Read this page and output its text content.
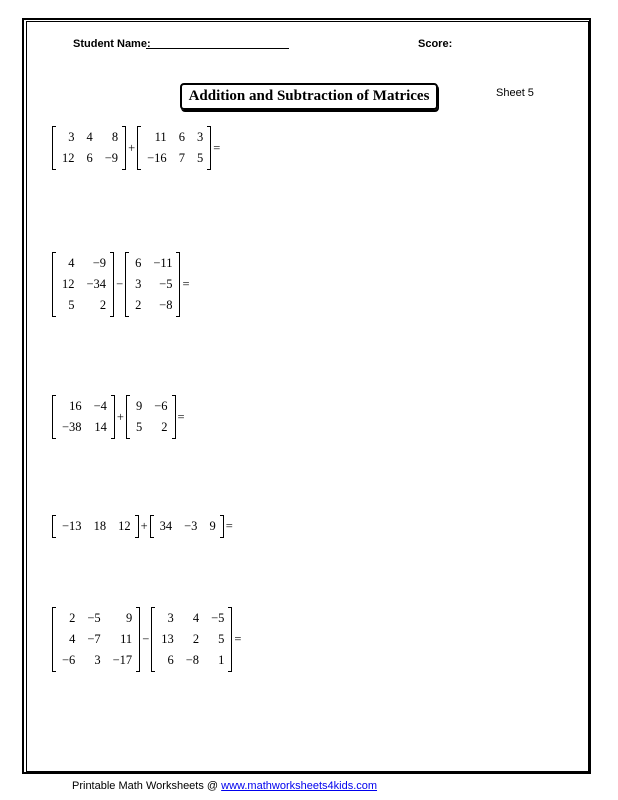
Student Name:	Score:
Addition and Subtraction of Matrices	Sheet 5
3	4	8
12	6	−9
+
11	6	3
−16	7	5
=
4	−9
12	−34
5	2
−
6	−11
3	−5
2	−8
=
16	−4
−38	14
+
9	−6
5	2
=
−13	18	12 + 34	−3	9 =
2	−5	9
4	−7	11
−6	3	−17
−
3	4	−5
13	2	5
6	−8	1
=
Printable Math Worksheets @ www.mathworksheets4kids.com
